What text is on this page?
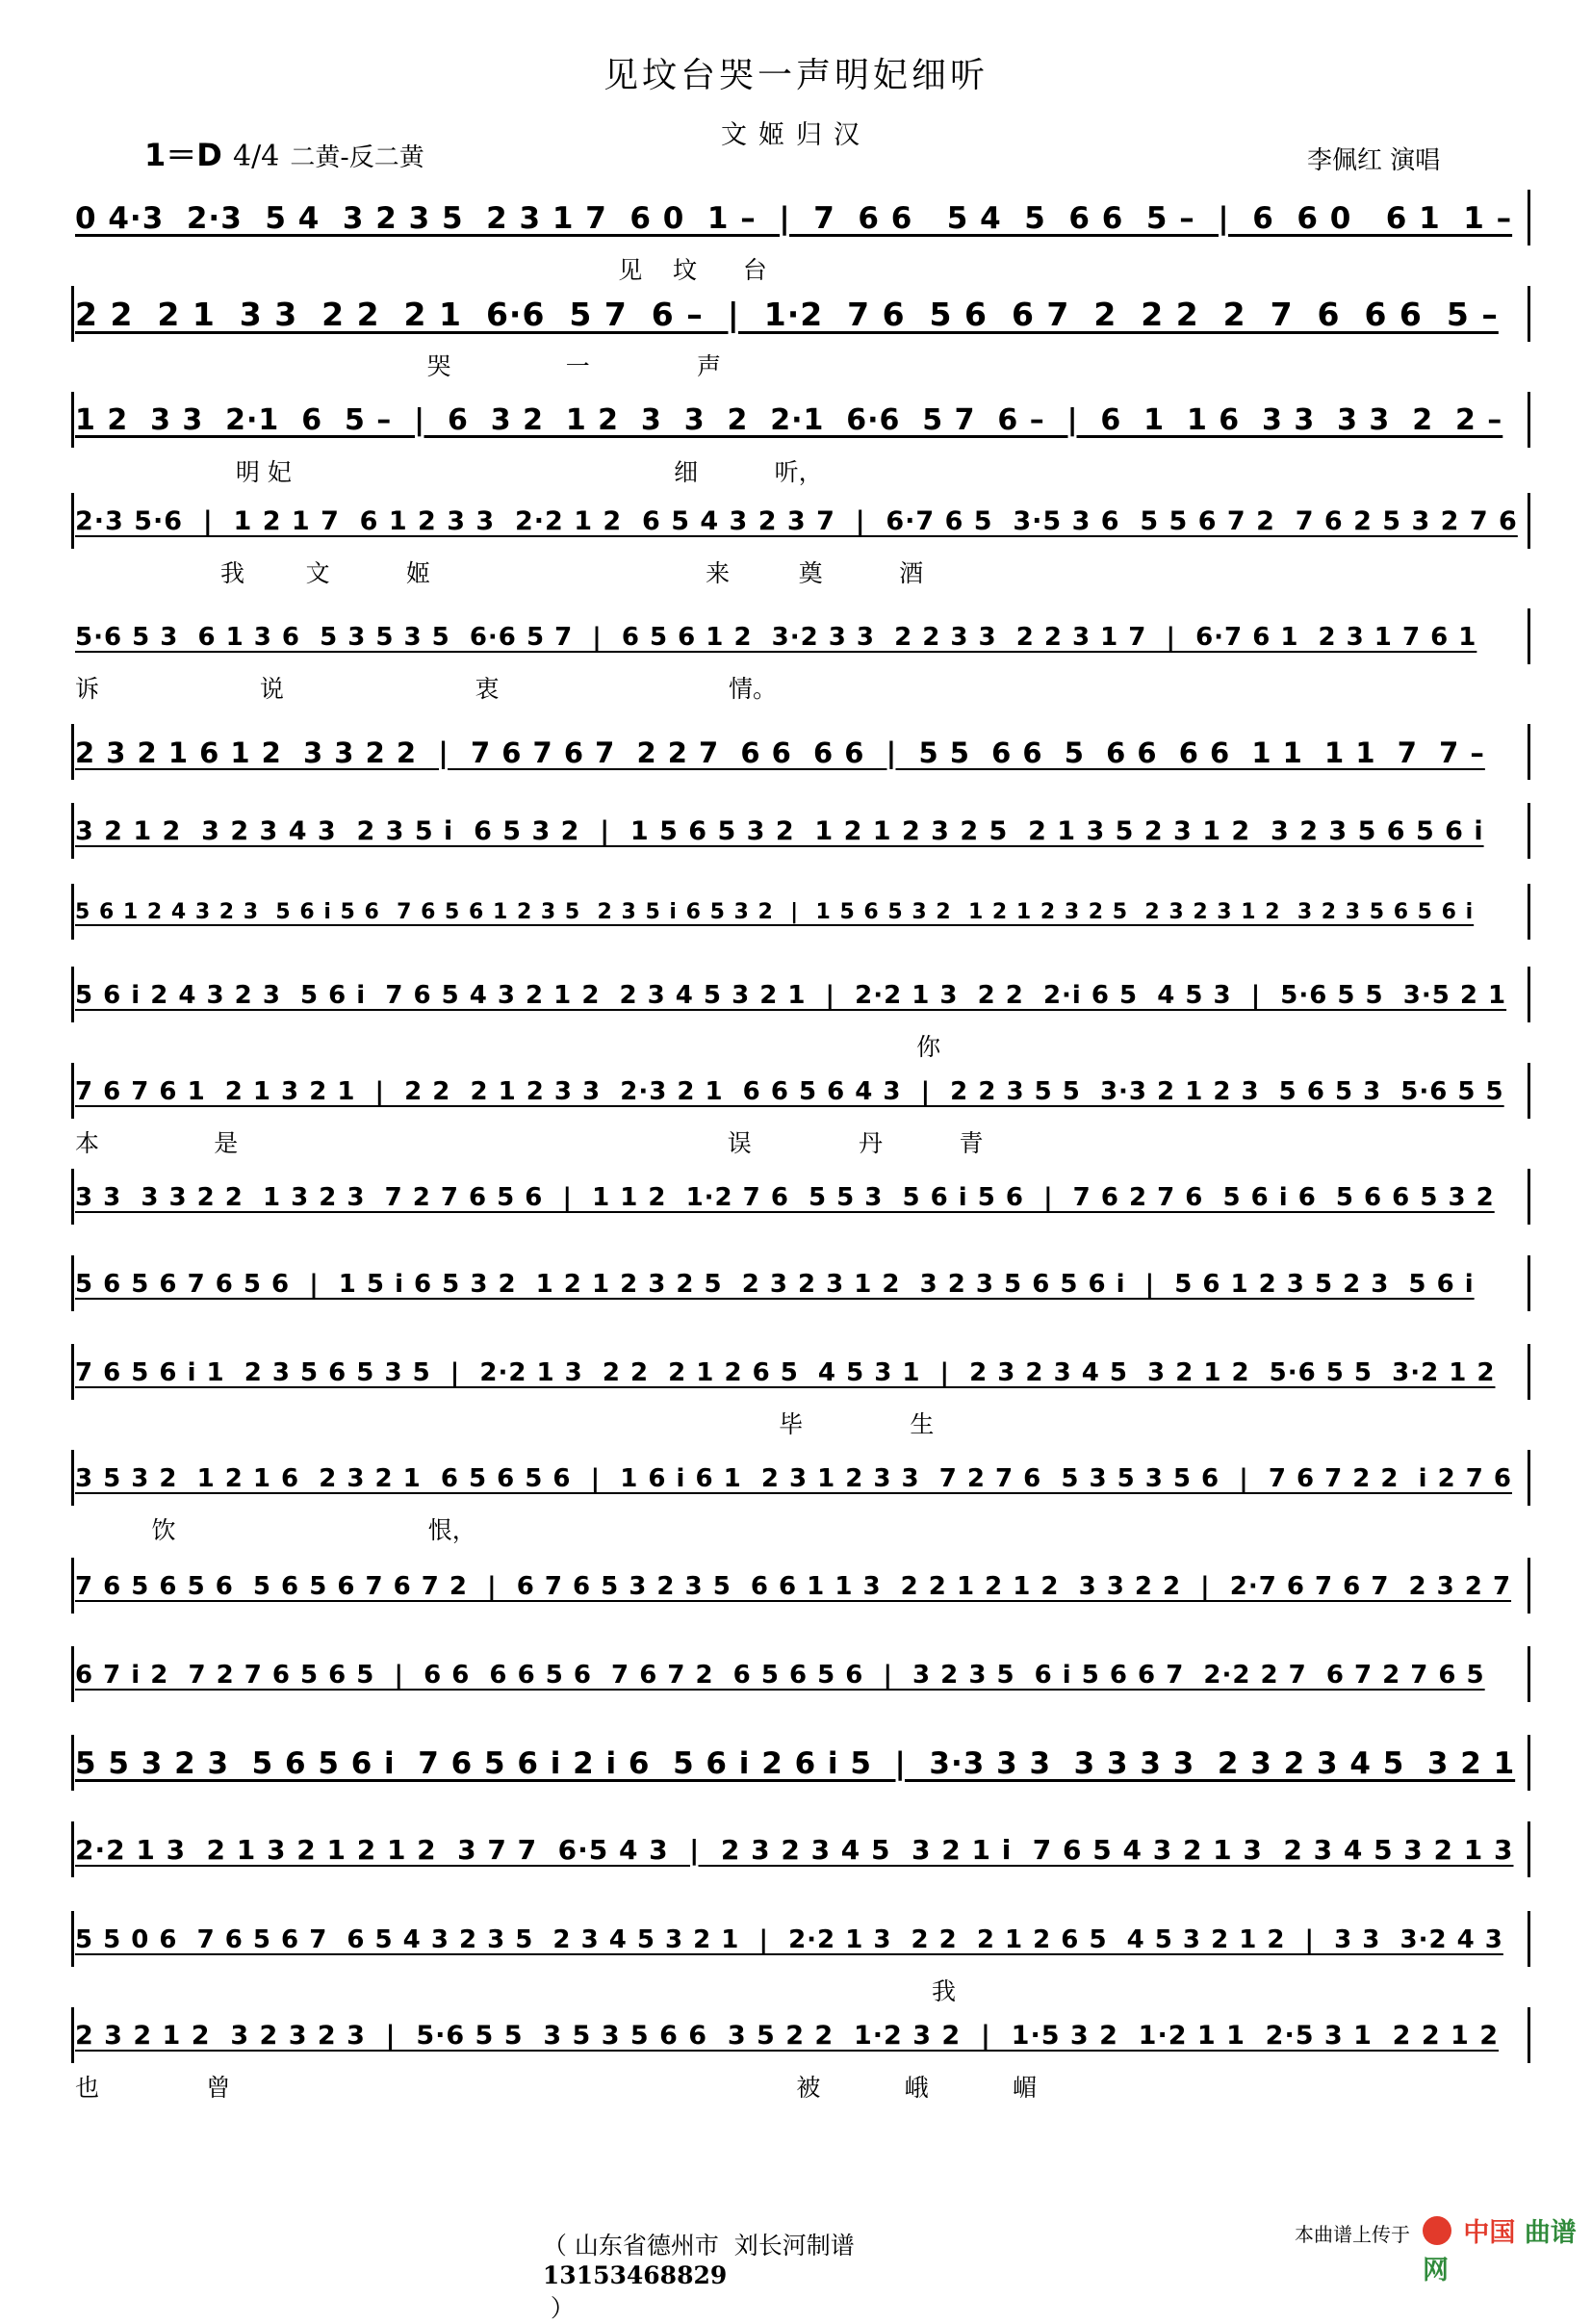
见坟台哭一声明妃细听
文姬归汉
1＝D 4/4 二黄-反二黄	李佩红 演唱
0 4·3  2·3  5 4  3 2 3 5  2 3 1 7  6 0  1 –  |  7  6 6   5 4  5  6 6  5 –  |  6  6 0   6 1  1 –
见    坟      台
2 2  2 1  3 3  2 2  2 1  6·6  5 7  6 –  |  1·2  7 6  5 6  6 7  2  2 2  2  7  6  6 6  5 –
哭               一              声
1 2  3 3  2·1  6  5 –  |  6  3 2  1 2  3  3  2  2·1  6·6  5 7  6 –  |  6  1  1 6  3 3  3 3  2  2 –
明 妃                                                  细          听，
2·3 5·6  |  1 2 1 7  6 1 2 3 3  2·2 1 2  6 5 4 3 2 3 7  |  6·7 6 5  3·5 3 6  5 5 6 7 2  7 6 2 5 3 2 7 6
我        文          姬                                    来         奠          酒
5·6 5 3  6 1 3 6  5 3 5 3 5  6·6 5 7  |  6 5 6 1 2  3·2 3 3  2 2 3 3  2 2 3 1 7  |  6·7 6 1  2 3 1 7 6 1
诉                     说                         衷                              情。
2 3 2 1 6 1 2  3 3 2 2  |  7 6 7 6 7  2 2 7  6 6  6 6  |  5 5  6 6  5  6 6  6 6  1 1  1 1  7  7 –
3 2 1 2  3 2 3 4 3  2 3 5 i  6 5 3 2  |  1 5 6 5 3 2  1 2 1 2 3 2 5  2 1 3 5 2 3 1 2  3 2 3 5 6 5 6 i
5 6 1 2 4 3 2 3  5 6 i 5 6  7 6 5 6 1 2 3 5  2 3 5 i 6 5 3 2  |  1 5 6 5 3 2  1 2 1 2 3 2 5  2 3 2 3 1 2  3 2 3 5 6 5 6 i
5 6 i 2 4 3 2 3  5 6 i  7 6 5 4 3 2 1 2  2 3 4 5 3 2 1  |  2·2 1 3  2 2  2·i 6 5  4 5 3  |  5·6 5 5  3·5 2 1
你
7 6 7 6 1  2 1 3 2 1  |  2 2  2 1 2 3 3  2·3 2 1  6 6 5 6 4 3  |  2 2 3 5 5  3·3 2 1 2 3  5 6 5 3  5·6 5 5
本               是                                                                误              丹          青
3 3  3 3 2 2  1 3 2 3  7 2 7 6 5 6  |  1 1 2  1·2 7 6  5 5 3  5 6 i 5 6  |  7 6 2 7 6  5 6 i 6  5 6 6 5 3 2
5 6 5 6 7 6 5 6  |  1 5 i 6 5 3 2  1 2 1 2 3 2 5  2 3 2 3 1 2  3 2 3 5 6 5 6 i  |  5 6 1 2 3 5 2 3  5 6 i
7 6 5 6 i 1  2 3 5 6 5 3 5  |  2·2 1 3  2 2  2 1 2 6 5  4 5 3 1  |  2 3 2 3 4 5  3 2 1 2  5·6 5 5  3·2 1 2
毕              生
3 5 3 2  1 2 1 6  2 3 2 1  6 5 6 5 6  |  1 6 i 6 1  2 3 1 2 3 3  7 2 7 6  5 3 5 3 5 6  |  7 6 7 2 2  i 2 7 6
饮                                 恨，
7 6 5 6 5 6  5 6 5 6 7 6 7 2  |  6 7 6 5 3 2 3 5  6 6 1 1 3  2 2 1 2 1 2  3 3 2 2  |  2·7 6 7 6 7  2 3 2 7
6 7 i 2  7 2 7 6 5 6 5  |  6 6  6 6 5 6  7 6 7 2  6 5 6 5 6  |  3 2 3 5  6 i 5 6 6 7  2·2 2 7  6 7 2 7 6 5
5 5 3 2 3  5 6 5 6 i  7 6 5 6 i 2 i 6  5 6 i 2 6 i 5  |  3·3 3 3  3 3 3 3  2 3 2 3 4 5  3 2 1
2·2 1 3  2 1 3 2 1 2 1 2  3 7 7  6·5 4 3  |  2 3 2 3 4 5  3 2 1 i  7 6 5 4 3 2 1 3  2 3 4 5 3 2 1 3
5 5 0 6  7 6 5 6 7  6 5 4 3 2 3 5  2 3 4 5 3 2 1  |  2·2 1 3  2 2  2 1 2 6 5  4 5 3 2 1 2  |  3 3  3·2 4 3
我
2 3 2 1 2  3 2 3 2 3  |  5·6 5 5  3 5 3 5 6 6  3 5 2 2  1·2 3 2  |  1·5 3 2  1·2 1 1  2·5 3 1  2 2 1 2
也              曾                                                                          被           峨           嵋

（ 山东省德州市  刘长河制谱
13153468829
）

本曲谱上传于	中国 曲谱网
